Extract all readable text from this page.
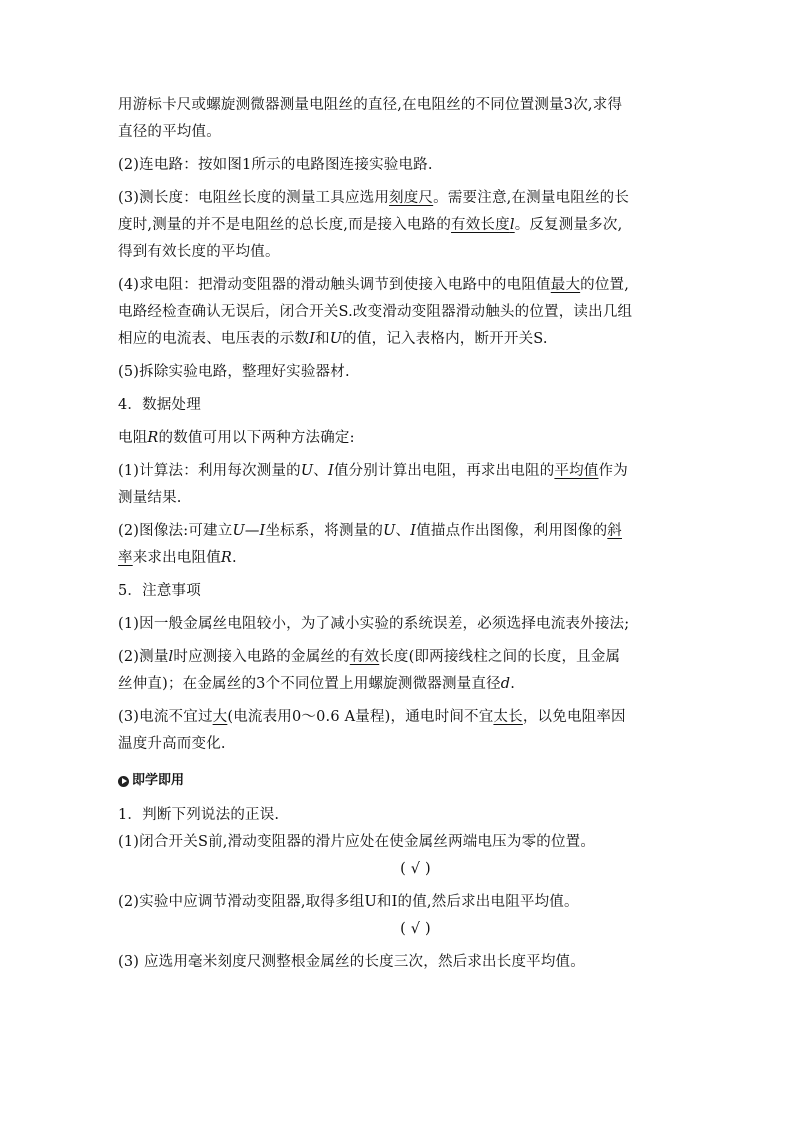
用游标卡尺或螺旋测微器测量电阻丝的直径,在电阻丝的不同位置测量3次,求得
直径的平均值。
(2)连电路：按如图1所示的电路图连接实验电路.
(3)测长度：电阻丝长度的测量工具应选用刻度尺。需要注意,在测量电阻丝的长
度时,测量的并不是电阻丝的总长度,而是接入电路的有效长度l。反复测量多次,
得到有效长度的平均值。
(4)求电阻：把滑动变阻器的滑动触头调节到使接入电路中的电阻值最大的位置,
电路经检查确认无误后，闭合开关S.改变滑动变阻器滑动触头的位置，读出几组
相应的电流表、电压表的示数I和U的值，记入表格内，断开开关S.
(5)拆除实验电路，整理好实验器材.
4．数据处理
电阻R的数值可用以下两种方法确定:
(1)计算法：利用每次测量的U、I值分别计算出电阻，再求出电阻的平均值作为
测量结果.
(2)图像法:可建立U—I坐标系，将测量的U、I值描点作出图像，利用图像的斜
率来求出电阻值R.
5．注意事项
(1)因一般金属丝电阻较小，为了减小实验的系统误差，必须选择电流表外接法;
(2)测量l时应测接入电路的金属丝的有效长度(即两接线柱之间的长度，且金属
丝伸直)；在金属丝的3个不同位置上用螺旋测微器测量直径d.
(3)电流不宜过大(电流表用0～0.6 A量程)，通电时间不宜太长，以免电阻率因
温度升高而变化.
即学即用
1．判断下列说法的正误.
(1)闭合开关S前,滑动变阻器的滑片应处在使金属丝两端电压为零的位置。
( √ )
(2)实验中应调节滑动变阻器,取得多组U和I的值,然后求出电阻平均值。
( √ )
(3) 应选用毫米刻度尺测整根金属丝的长度三次，然后求出长度平均值。
